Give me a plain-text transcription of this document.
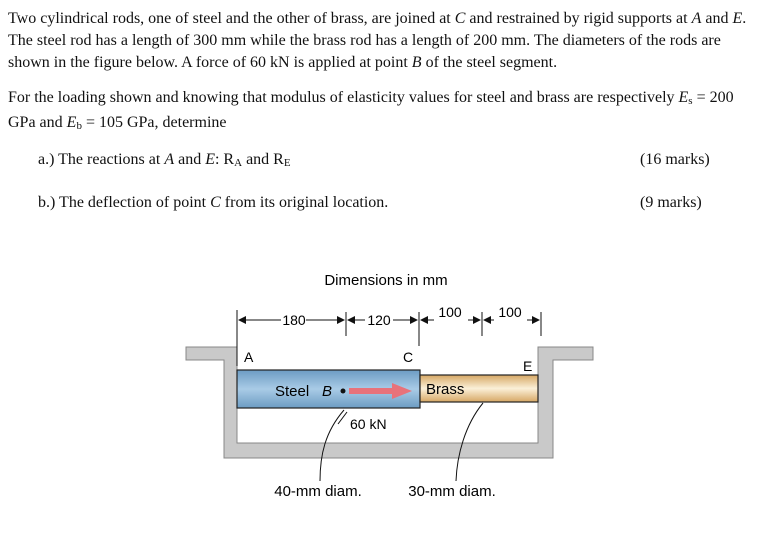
Two cylindrical rods, one of steel and the other of brass, are joined at C and restrained by rigid supports at A and E. The steel rod has a length of 300 mm while the brass rod has a length of 200 mm. The diameters of the rods are shown in the figure below. A force of 60 kN is applied at point B of the steel segment.
For the loading shown and knowing that modulus of elasticity values for steel and brass are respectively Es = 200 GPa and Eb = 105 GPa, determine
a.) The reactions at A and E: RA and RE	(16 marks)
b.) The deflection of point C from its original location.	(9 marks)
Dimensions in mm
180	120	100	100
A	C
E
Steel B	Brass
60 kN
40-mm diam.	30-mm diam.
